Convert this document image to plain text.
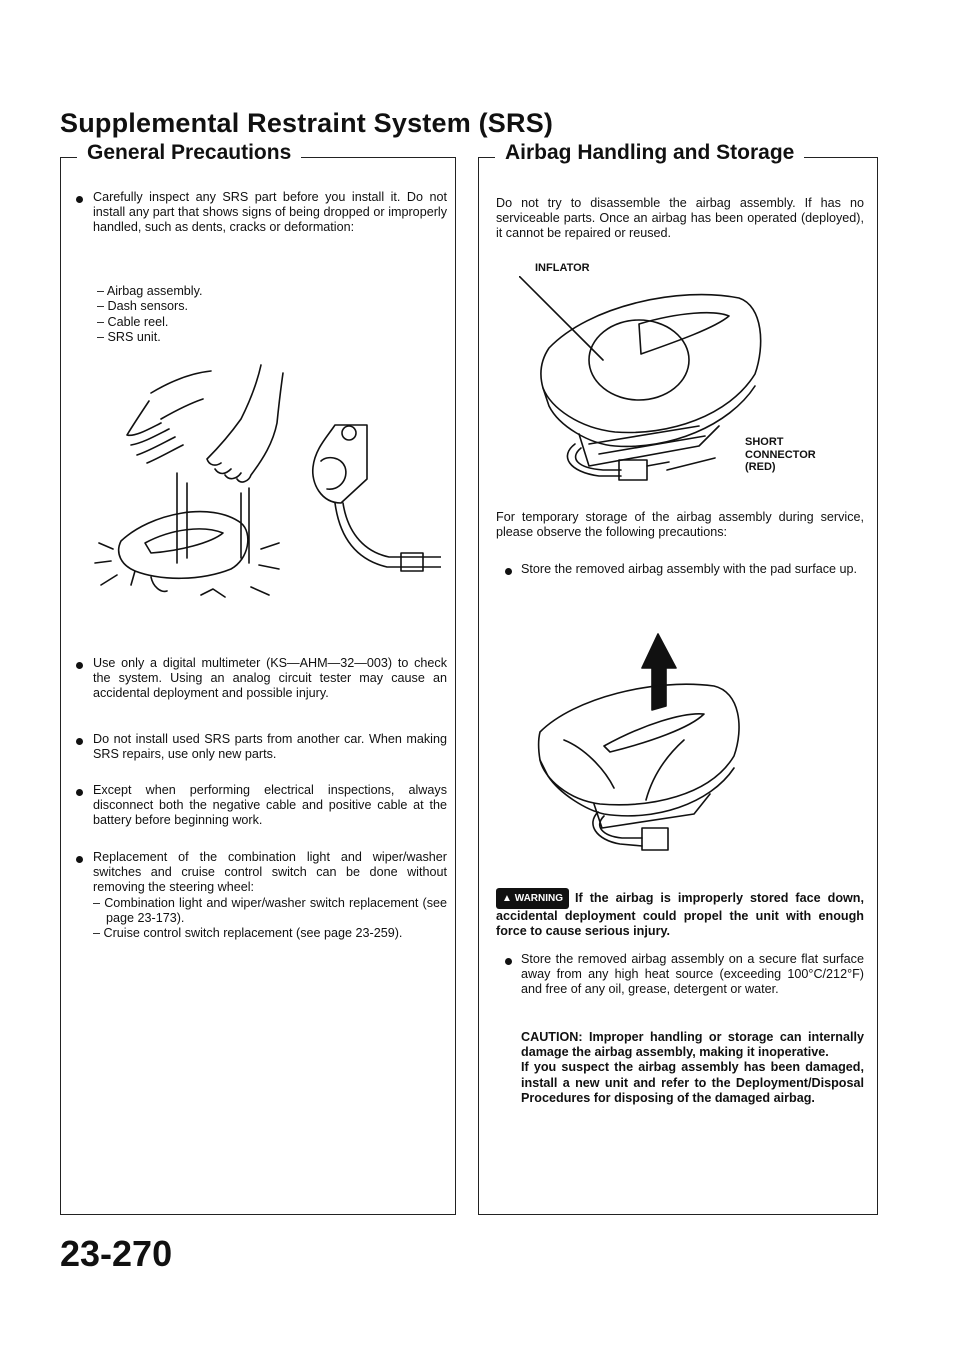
Supplemental Restraint System (SRS)
General Precautions
Carefully inspect any SRS part before you install it. Do not install any part that shows signs of being dropped or improperly handled, such as dents, cracks or deformation:
– Airbag assembly.
– Dash sensors.
– Cable reel.
– SRS unit.
Use only a digital multimeter (KS—AHM—32—003) to check the system. Using an analog circuit tester may cause an accidental deployment and possible injury.
Do not install used SRS parts from another car. When making SRS repairs, use only new parts.
Except when performing electrical inspections, always disconnect both the negative cable and positive cable at the battery before beginning work.
Replacement of the combination light and wiper/washer switches and cruise control switch can be done without removing the steering wheel:
– Combination light and wiper/washer switch replacement (see page 23-173).
– Cruise control switch replacement (see page 23-259).
Airbag Handling and Storage
Do not try to disassemble the airbag assembly. If has no serviceable parts. Once an airbag has been operated (deployed), it cannot be repaired or reused.
INFLATOR
SHORT
CONNECTOR
(RED)
For temporary storage of the airbag assembly during service, please observe the following precautions:
Store the removed airbag assembly with the pad surface up.
▲ WARNING If the airbag is improperly stored face down, accidental deployment could propel the unit with enough force to cause serious injury.
Store the removed airbag assembly on a secure flat surface away from any high heat source (exceeding 100°C/212°F) and free of any oil, grease, detergent or water.
CAUTION: Improper handling or storage can internally damage the airbag assembly, making it inoperative.
If you suspect the airbag assembly has been damaged, install a new unit and refer to the Deployment/Disposal Procedures for disposing of the damaged airbag.
23-270
